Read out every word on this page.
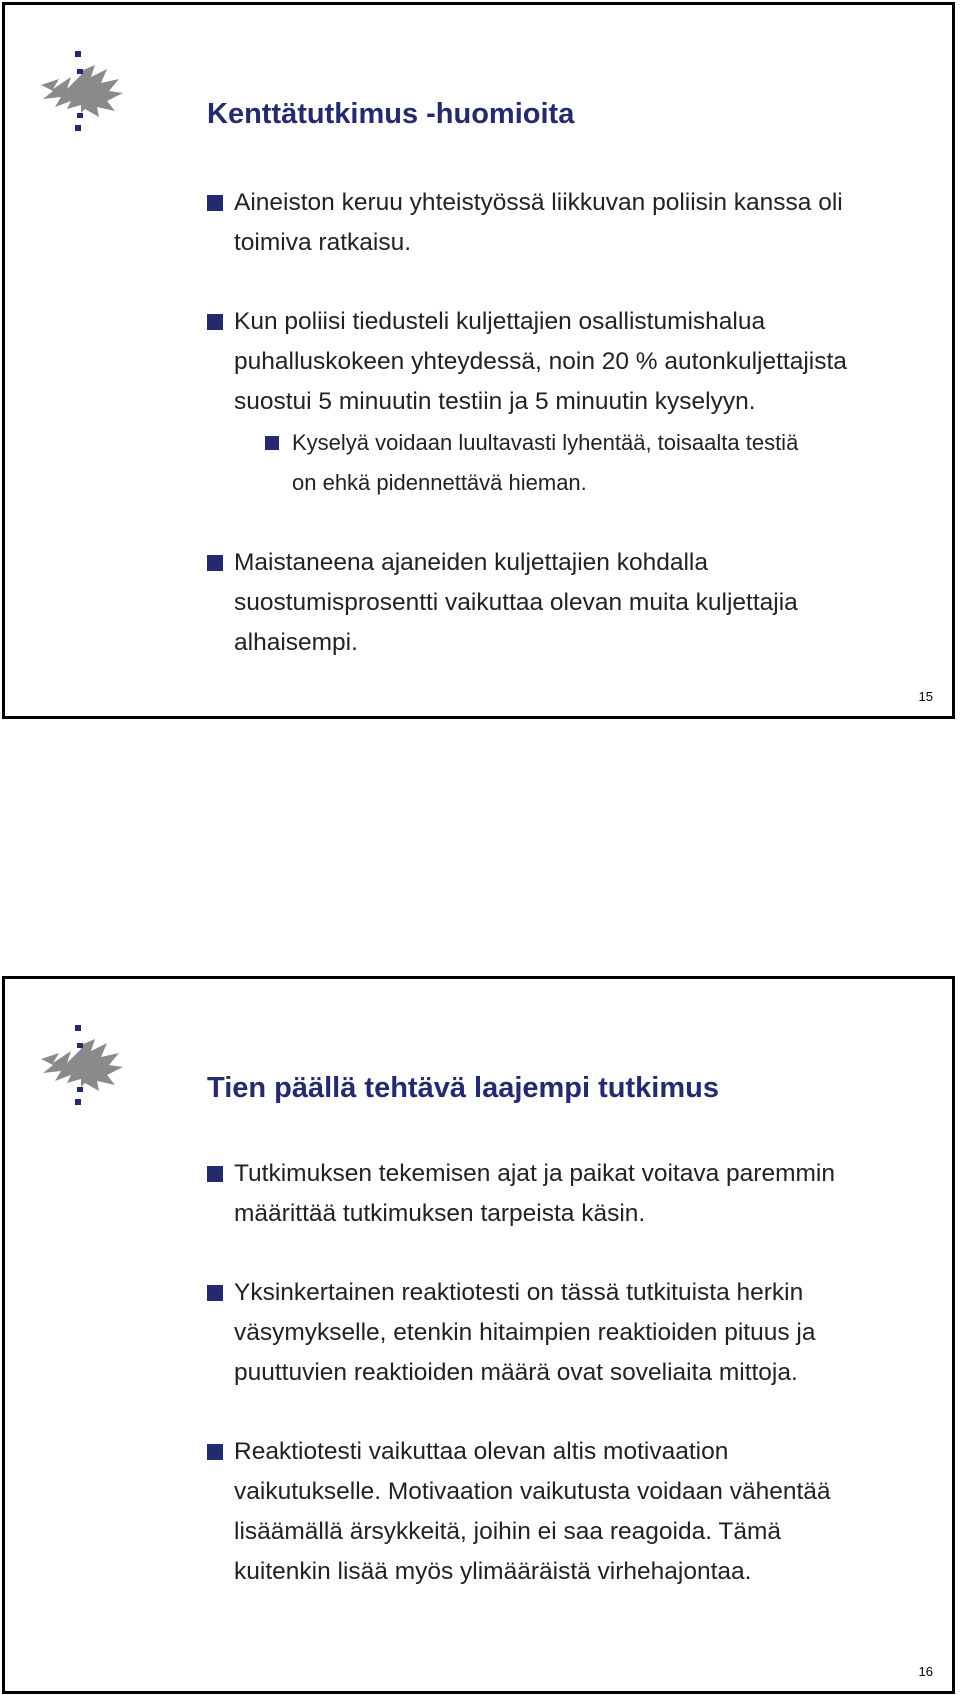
Kenttätutkimus -huomioita
Aineiston keruu yhteistyössä liikkuvan poliisin kanssa oli
toimiva ratkaisu.
Kun poliisi tiedusteli kuljettajien osallistumishalua
puhalluskokeen yhteydessä, noin 20 % autonkuljettajista
suostui 5 minuutin testiin ja 5 minuutin kyselyyn.
Kyselyä voidaan luultavasti lyhentää, toisaalta testiä
on ehkä pidennettävä hieman.
Maistaneena ajaneiden kuljettajien kohdalla
suostumisprosentti vaikuttaa olevan muita kuljettajia
alhaisempi.
15
Tien päällä tehtävä laajempi tutkimus
Tutkimuksen tekemisen ajat ja paikat voitava paremmin
määrittää tutkimuksen tarpeista käsin.
Yksinkertainen reaktiotesti on tässä tutkituista herkin
väsymykselle, etenkin hitaimpien reaktioiden pituus ja
puuttuvien reaktioiden määrä ovat soveliaita mittoja.
Reaktiotesti vaikuttaa olevan altis motivaation
vaikutukselle. Motivaation vaikutusta voidaan vähentää
lisäämällä ärsykkeitä, joihin ei saa reagoida. Tämä
kuitenkin lisää myös ylimääräistä virhehajontaa.
16
